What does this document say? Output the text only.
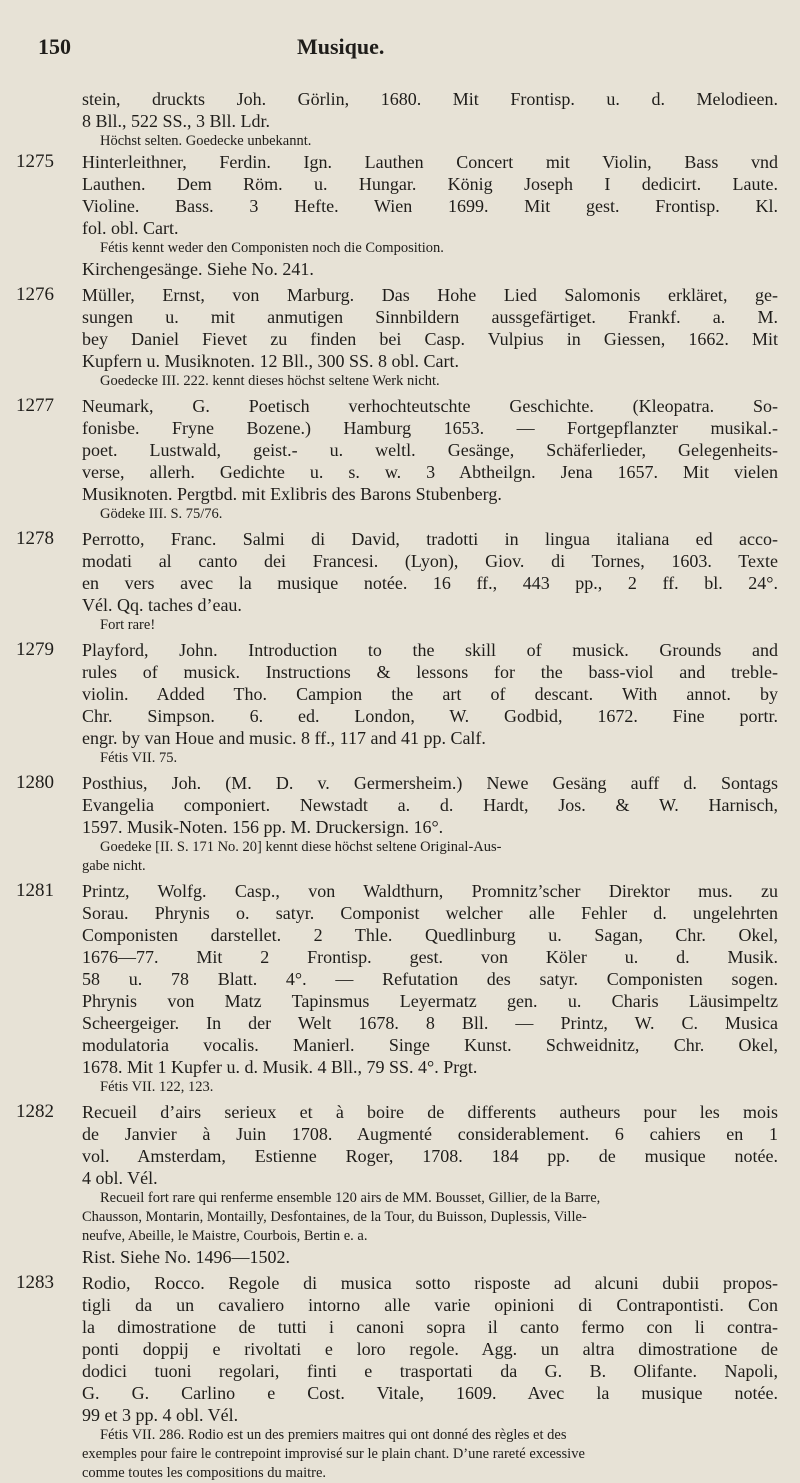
150	Musique.
stein, druckts Joh. Görlin, 1680. Mit Frontisp. u. d. Melodieen.
8 Bll., 522 SS., 3 Bll. Ldr.
Höchst selten. Goedecke unbekannt.
1275	Hinterleithner, Ferdin. Ign. Lauthen Concert mit Violin, Bass vnd
Lauthen. Dem Röm. u. Hungar. König Joseph I dedicirt. Laute.
Violine. Bass. 3 Hefte. Wien 1699. Mit gest. Frontisp. Kl.
fol. obl. Cart.
Fétis kennt weder den Componisten noch die Composition.
Kirchengesänge. Siehe No. 241.
1276	Müller, Ernst, von Marburg. Das Hohe Lied Salomonis erkläret, ge-
sungen u. mit anmutigen Sinnbildern aussgefärtiget. Frankf. a. M.
bey Daniel Fievet zu finden bei Casp. Vulpius in Giessen, 1662. Mit
Kupfern u. Musiknoten. 12 Bll., 300 SS. 8 obl. Cart.
Goedecke III. 222. kennt dieses höchst seltene Werk nicht.
1277	Neumark, G. Poetisch verhochteutschte Geschichte. (Kleopatra. So-
fonisbe. Fryne Bozene.) Hamburg 1653. — Fortgepflanzter musikal.-
poet. Lustwald, geist.- u. weltl. Gesänge, Schäferlieder, Gelegenheits-
verse, allerh. Gedichte u. s. w. 3 Abtheilgn. Jena 1657. Mit vielen
Musiknoten. Pergtbd. mit Exlibris des Barons Stubenberg.
Gödeke III. S. 75/76.
1278	Perrotto, Franc. Salmi di David, tradotti in lingua italiana ed acco-
modati al canto dei Francesi. (Lyon), Giov. di Tornes, 1603. Texte
en vers avec la musique notée. 16 ff., 443 pp., 2 ff. bl. 24°.
Vél. Qq. taches d’eau.
Fort rare!
1279	Playford, John. Introduction to the skill of musick. Grounds and
rules of musick. Instructions & lessons for the bass-viol and treble-
violin. Added Tho. Campion the art of descant. With annot. by
Chr. Simpson. 6. ed. London, W. Godbid, 1672. Fine portr.
engr. by van Houe and music. 8 ff., 117 and 41 pp. Calf.
Fétis VII. 75.
1280	Posthius, Joh. (M. D. v. Germersheim.) Newe Gesäng auff d. Sontags
Evangelia componiert. Newstadt a. d. Hardt, Jos. & W. Harnisch,
1597. Musik-Noten. 156 pp. M. Druckersign. 16°.
Goedeke [II. S. 171 No. 20] kennt diese höchst seltene Original-Aus-
gabe nicht.
1281	Printz, Wolfg. Casp., von Waldthurn, Promnitz’scher Direktor mus. zu
Sorau. Phrynis o. satyr. Componist welcher alle Fehler d. ungelehrten
Componisten darstellet. 2 Thle. Quedlinburg u. Sagan, Chr. Okel,
1676—77. Mit 2 Frontisp. gest. von Köler u. d. Musik.
58 u. 78 Blatt. 4°. — Refutation des satyr. Componisten sogen.
Phrynis von Matz Tapinsmus Leyermatz gen. u. Charis Läusimpeltz
Scheergeiger. In der Welt 1678. 8 Bll. — Printz, W. C. Musica
modulatoria vocalis. Manierl. Singe Kunst. Schweidnitz, Chr. Okel,
1678. Mit 1 Kupfer u. d. Musik. 4 Bll., 79 SS. 4°. Prgt.
Fétis VII. 122, 123.
1282	Recueil d’airs serieux et à boire de differents autheurs pour les mois
de Janvier à Juin 1708. Augmenté considerablement. 6 cahiers en 1
vol. Amsterdam, Estienne Roger, 1708. 184 pp. de musique notée.
4 obl. Vél.
Recueil fort rare qui renferme ensemble 120 airs de MM. Bousset, Gillier, de la Barre,
Chausson, Montarin, Montailly, Desfontaines, de la Tour, du Buisson, Duplessis, Ville-
neufve, Abeille, le Maistre, Courbois, Bertin e. a.
Rist. Siehe No. 1496—1502.
1283	Rodio, Rocco. Regole di musica sotto risposte ad alcuni dubii propos-
tigli da un cavaliero intorno alle varie opinioni di Contrapontisti. Con
la dimostratione de tutti i canoni sopra il canto fermo con li contra-
ponti doppij e rivoltati e loro regole. Agg. un altra dimostratione de
dodici tuoni regolari, finti e trasportati da G. B. Olifante. Napoli,
G. G. Carlino e Cost. Vitale, 1609. Avec la musique notée.
99 et 3 pp. 4 obl. Vél.
Fétis VII. 286. Rodio est un des premiers maitres qui ont donné des règles et des
exemples pour faire le contrepoint improvisé sur le plain chant. D’une rareté excessive
comme toutes les compositions du maitre.
